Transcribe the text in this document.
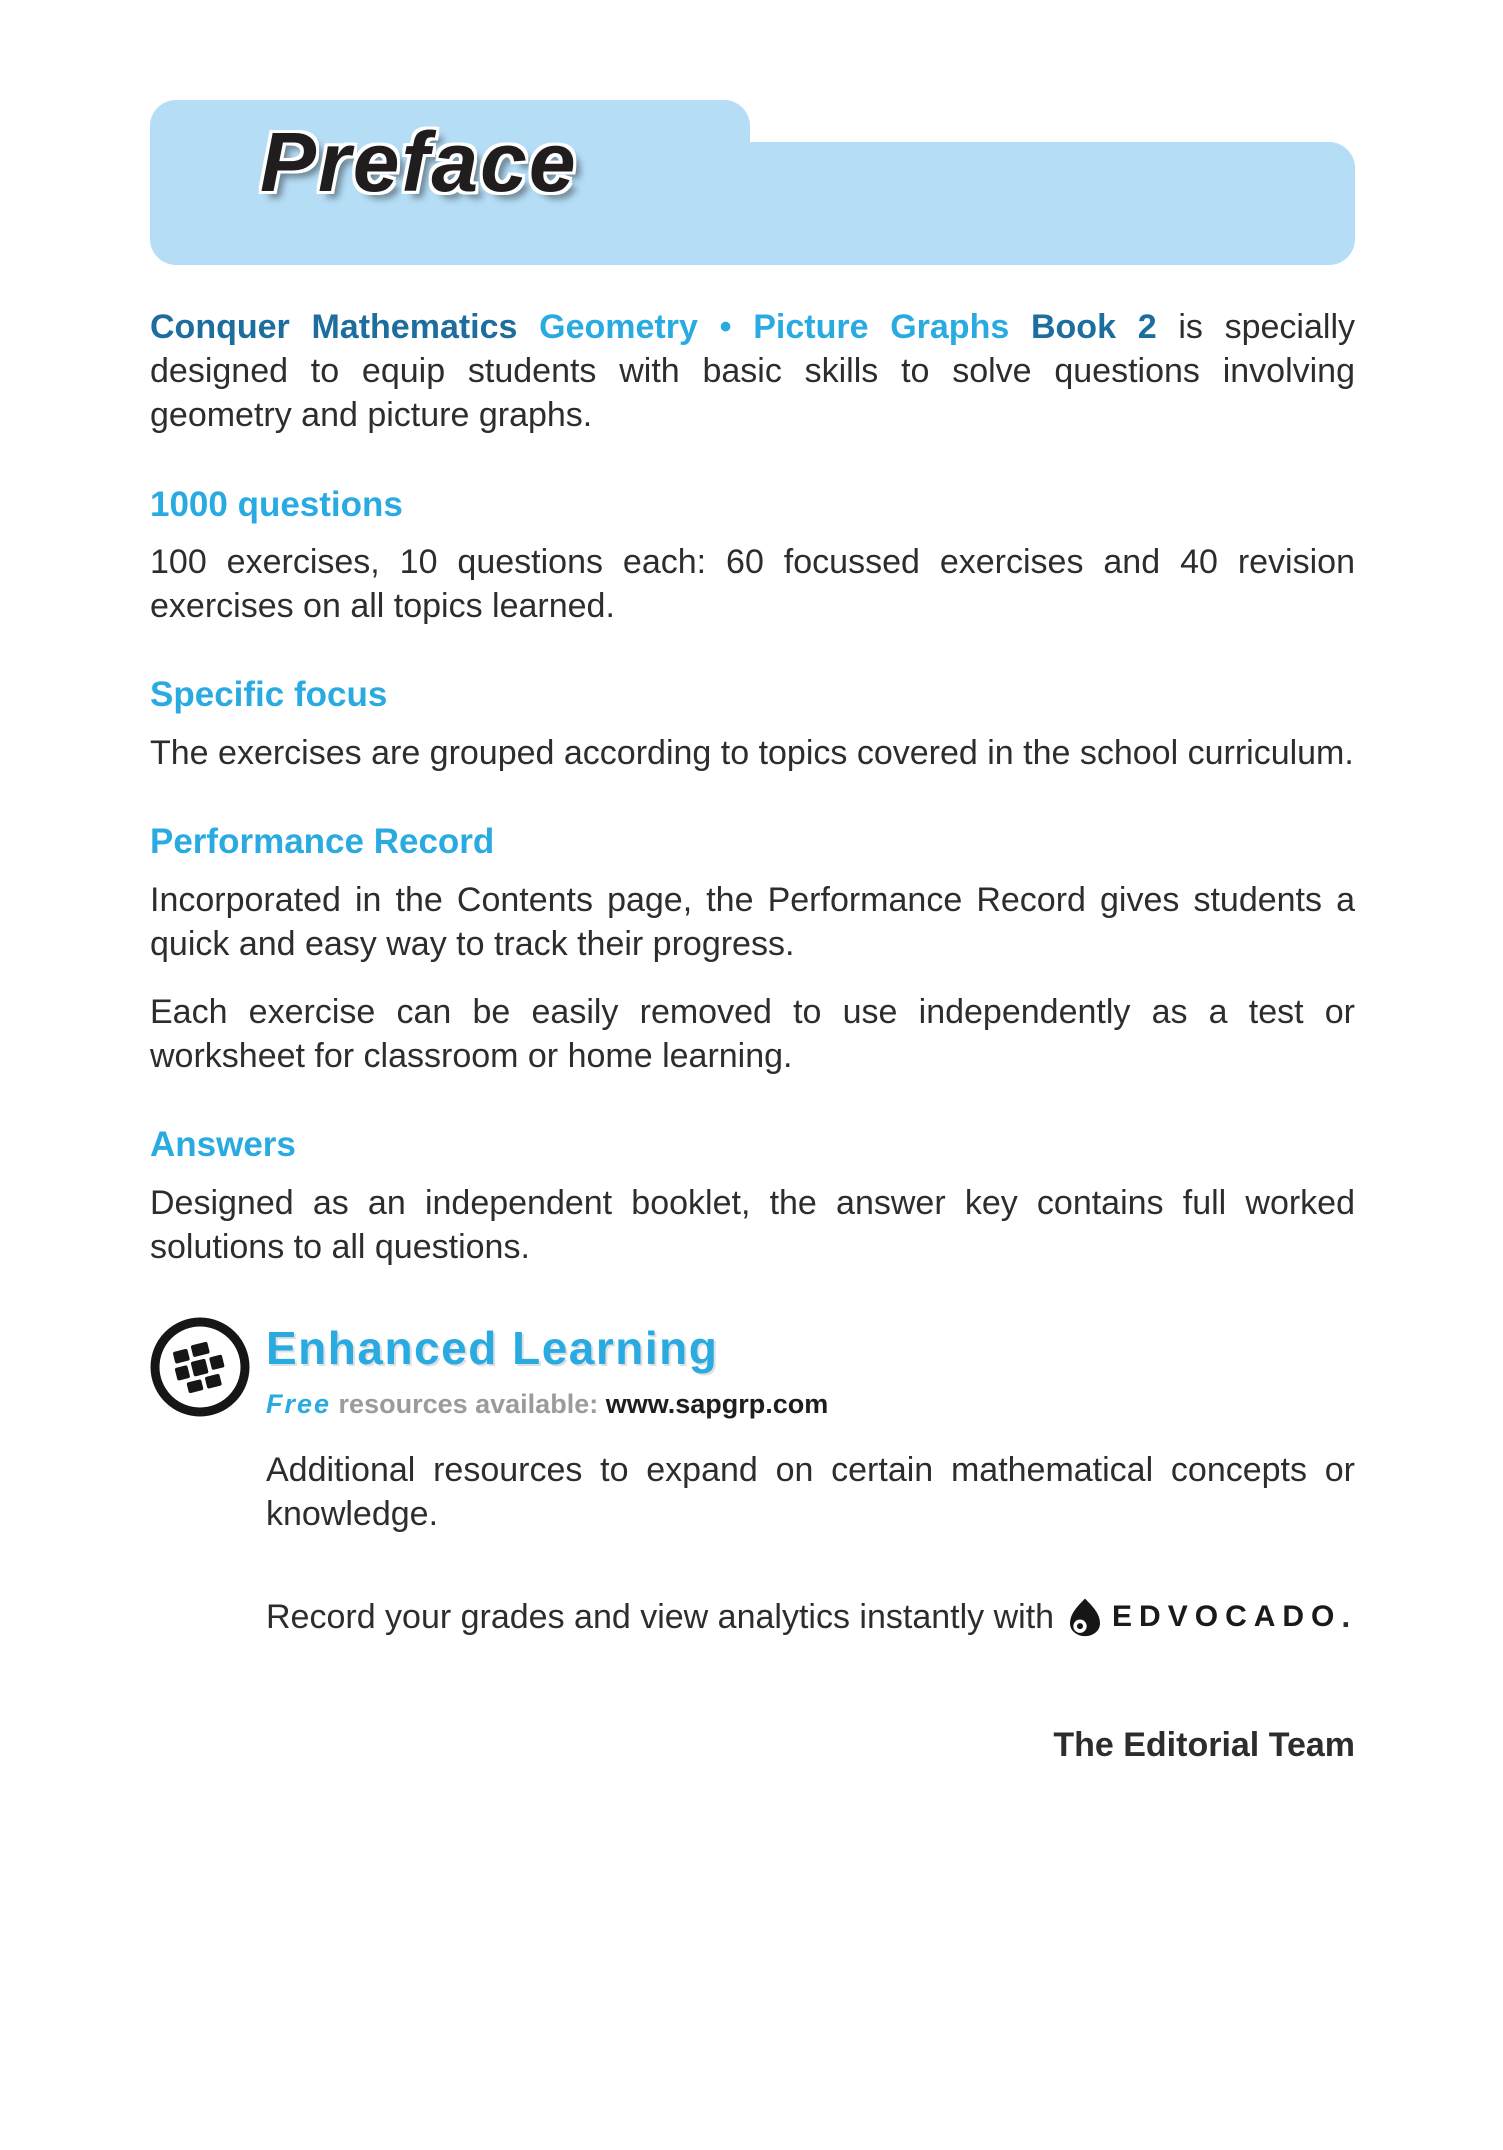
Preface

Conquer Mathematics Geometry • Picture Graphs Book 2 is specially designed to equip students with basic skills to solve questions involving geometry and picture graphs.

1000 questions

100 exercises, 10 questions each: 60 focussed exercises and 40 revision exercises on all topics learned.

Specific focus

The exercises are grouped according to topics covered in the school curriculum.

Performance Record

Incorporated in the Contents page, the Performance Record gives students a quick and easy way to track their progress.

Each exercise can be easily removed to use independently as a test or worksheet for classroom or home learning.

Answers

Designed as an independent booklet, the answer key contains full worked solutions to all questions.

Enhanced Learning
Free resources available: www.sapgrp.com

Additional resources to expand on certain mathematical concepts or knowledge.

Record your grades and view analytics instantly with EDVOCADO .
The Editorial Team
